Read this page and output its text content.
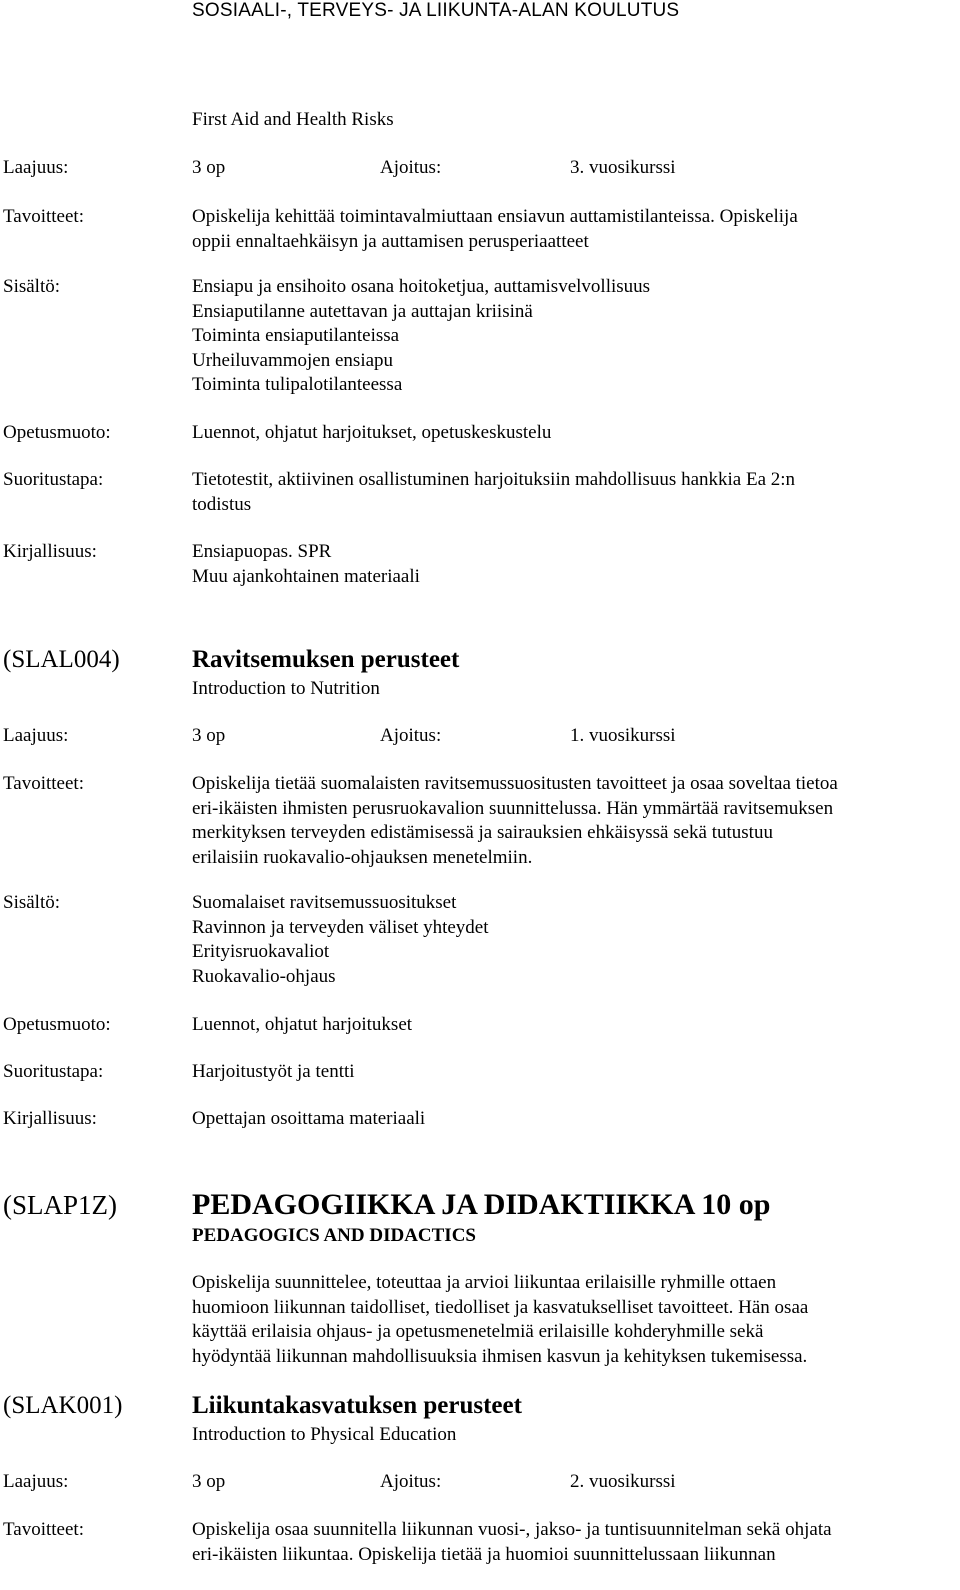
SOSIAALI-, TERVEYS- JA LIIKUNTA-ALAN KOULUTUS
First Aid and Health Risks
Laajuus:	3 op	Ajoitus:	3. vuosikurssi
Tavoitteet:	Opiskelija kehittää toimintavalmiuttaan ensiavun auttamistilanteissa. Opiskelija
oppii ennaltaehkäisyn ja auttamisen perusperiaatteet
Sisältö:	Ensiapu ja ensihoito osana hoitoketjua, auttamisvelvollisuus
Ensiaputilanne autettavan ja auttajan kriisinä
Toiminta ensiaputilanteissa
Urheiluvammojen ensiapu
Toiminta tulipalotilanteessa
Opetusmuoto:	Luennot, ohjatut harjoitukset, opetuskeskustelu
Suoritustapa:	Tietotestit, aktiivinen osallistuminen harjoituksiin mahdollisuus hankkia Ea 2:n
todistus
Kirjallisuus:	Ensiapuopas. SPR
Muu ajankohtainen materiaali
(SLAL004)	Ravitsemuksen perusteet
Introduction to Nutrition
Laajuus:	3 op	Ajoitus:	1. vuosikurssi
Tavoitteet:	Opiskelija tietää suomalaisten ravitsemussuositusten tavoitteet ja osaa soveltaa tietoa
eri-ikäisten ihmisten perusruokavalion suunnittelussa. Hän ymmärtää ravitsemuksen
merkityksen terveyden edistämisessä ja sairauksien ehkäisyssä sekä tutustuu
erilaisiin ruokavalio-ohjauksen menetelmiin.
Sisältö:	Suomalaiset ravitsemussuositukset
Ravinnon ja terveyden väliset yhteydet
Erityisruokavaliot
Ruokavalio-ohjaus
Opetusmuoto:	Luennot, ohjatut harjoitukset
Suoritustapa:	Harjoitustyöt ja tentti
Kirjallisuus:	Opettajan osoittama materiaali
(SLAP1Z)	PEDAGOGIIKKA JA DIDAKTIIKKA 10 op
PEDAGOGICS AND DIDACTICS
Opiskelija suunnittelee, toteuttaa ja arvioi liikuntaa erilaisille ryhmille ottaen
huomioon liikunnan taidolliset, tiedolliset ja kasvatukselliset tavoitteet. Hän osaa
käyttää erilaisia ohjaus- ja opetusmenetelmiä erilaisille kohderyhmille sekä
hyödyntää liikunnan mahdollisuuksia ihmisen kasvun ja kehityksen tukemisessa.
(SLAK001)	Liikuntakasvatuksen perusteet
Introduction to Physical Education
Laajuus:	3 op	Ajoitus:	2. vuosikurssi
Tavoitteet:	Opiskelija osaa suunnitella liikunnan vuosi-, jakso- ja tuntisuunnitelman sekä ohjata
eri-ikäisten liikuntaa. Opiskelija tietää ja huomioi suunnittelussaan liikunnan
